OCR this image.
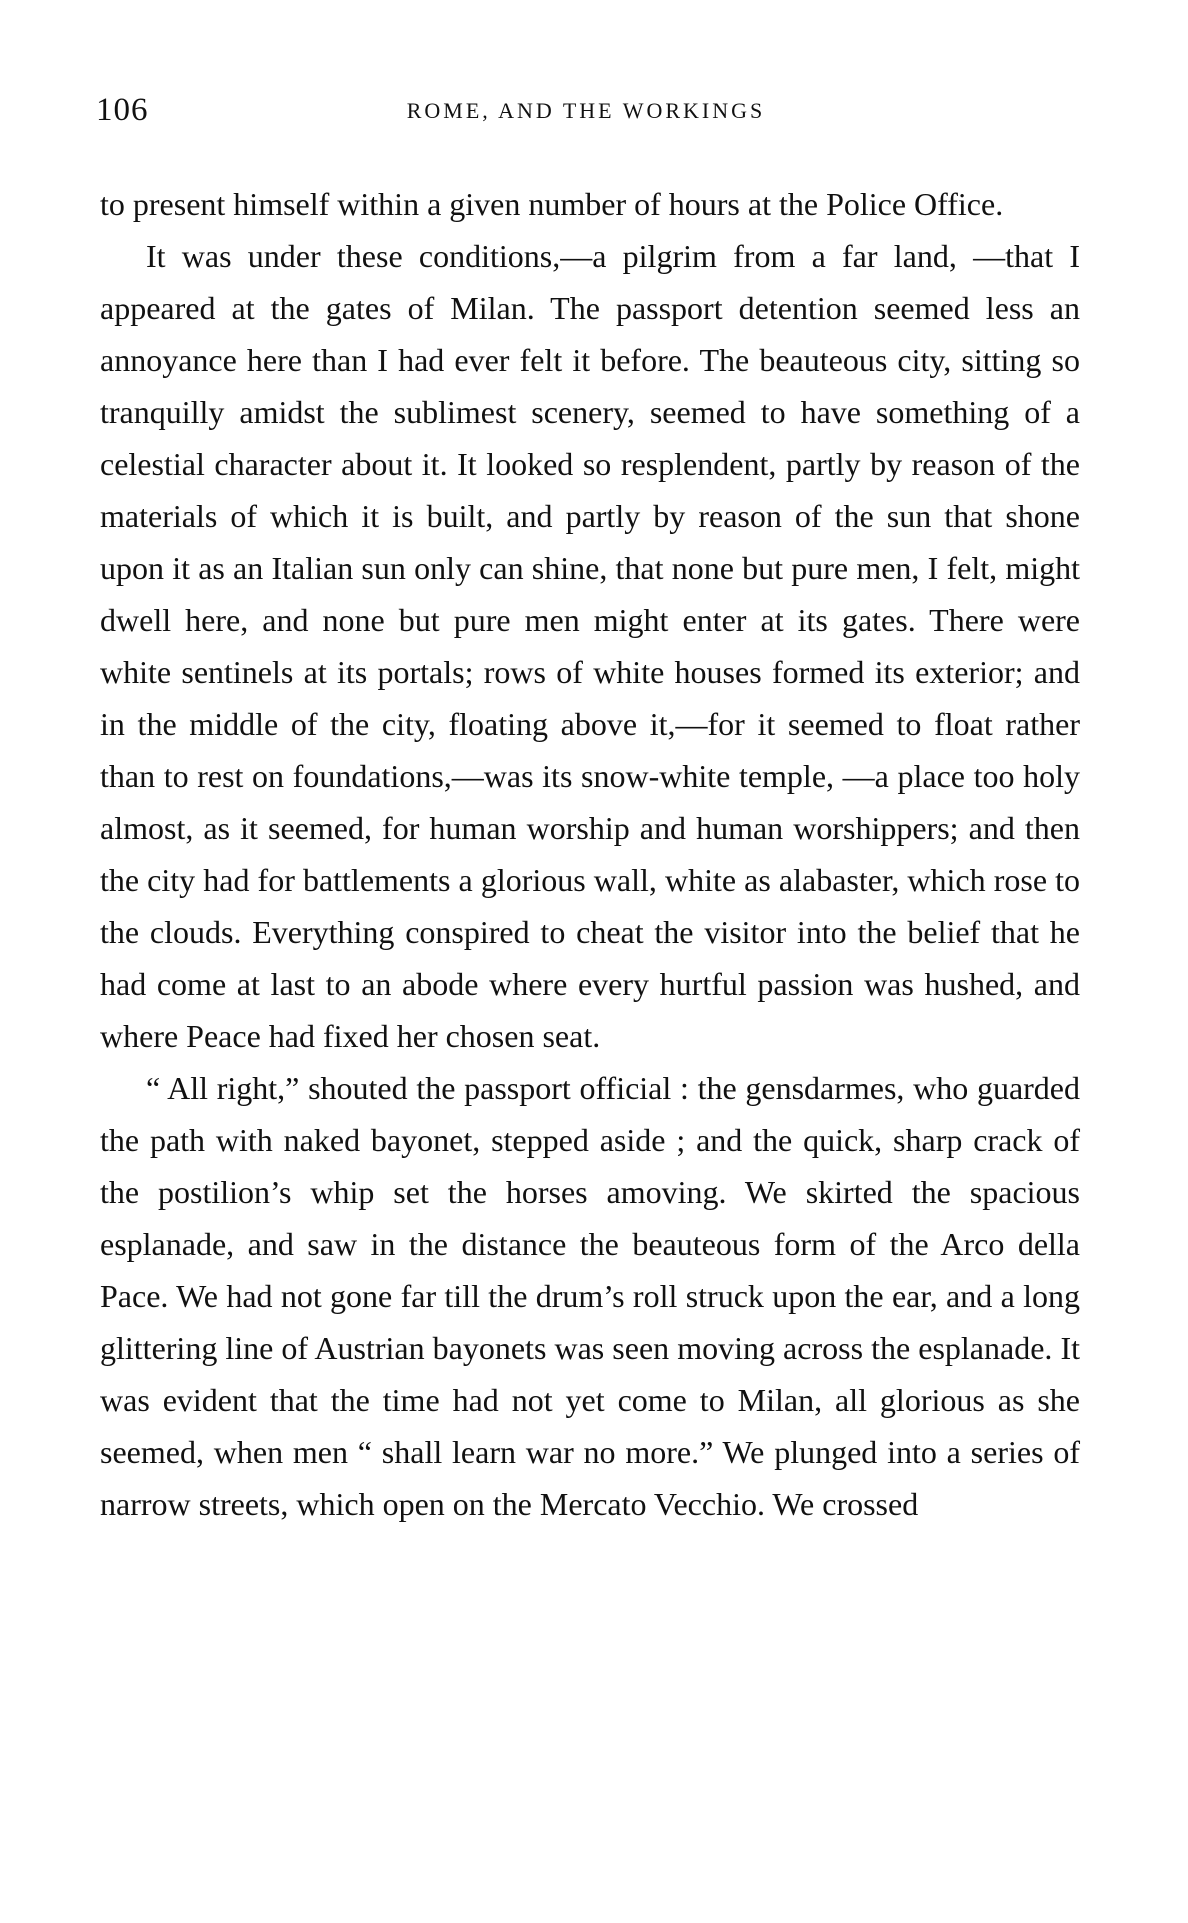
106	ROME, AND THE WORKINGS

to present himself within a given number of hours at the Police Office.

It was under these conditions,—a pilgrim from a far land, —that I appeared at the gates of Milan. The passport detention seemed less an annoyance here than I had ever felt it before. The beauteous city, sitting so tranquilly amidst the sublimest scenery, seemed to have something of a celestial character about it. It looked so resplendent, partly by reason of the materials of which it is built, and partly by reason of the sun that shone upon it as an Italian sun only can shine, that none but pure men, I felt, might dwell here, and none but pure men might enter at its gates. There were white sentinels at its portals; rows of white houses formed its exterior; and in the middle of the city, floating above it,—for it seemed to float rather than to rest on foundations,—was its snow-white temple, —a place too holy almost, as it seemed, for human worship and human worshippers; and then the city had for battlements a glorious wall, white as alabaster, which rose to the clouds. Everything conspired to cheat the visitor into the belief that he had come at last to an abode where every hurtful passion was hushed, and where Peace had fixed her chosen seat.

“ All right,” shouted the passport official : the gensdarmes, who guarded the path with naked bayonet, stepped aside ; and the quick, sharp crack of the postilion’s whip set the horses amoving. We skirted the spacious esplanade, and saw in the distance the beauteous form of the Arco della Pace. We had not gone far till the drum’s roll struck upon the ear, and a long glittering line of Austrian bayonets was seen moving across the esplanade. It was evident that the time had not yet come to Milan, all glorious as she seemed, when men “ shall learn war no more.” We plunged into a series of narrow streets, which open on the Mercato Vecchio. We crossed
